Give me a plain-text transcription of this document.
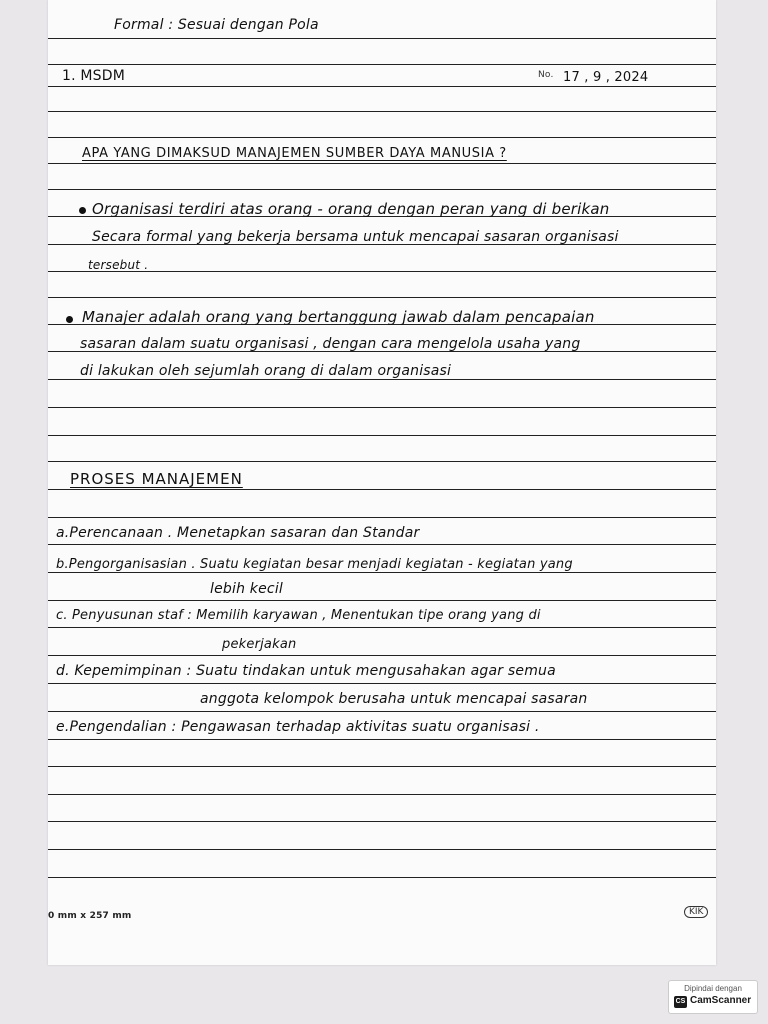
Formal : Sesuai dengan Pola
1. MSDM	No. 17 , 9 , 2024
APA YANG DIMAKSUD MANAJEMEN SUMBER DAYA MANUSIA ?
Organisasi terdiri atas orang - orang dengan peran yang di berikan
Secara formal yang bekerja bersama untuk mencapai sasaran organisasi
tersebut .
Manajer adalah orang yang bertanggung jawab dalam pencapaian
sasaran dalam suatu organisasi , dengan cara mengelola usaha yang
di lakukan oleh sejumlah orang di dalam organisasi
PROSES MANAJEMEN
a.Perencanaan . Menetapkan sasaran dan Standar
b.Pengorganisasian . Suatu kegiatan besar menjadi kegiatan - kegiatan yang
lebih kecil
c. Penyusunan staf : Memilih karyawan , Menentukan tipe orang yang di
pekerjakan
d. Kepemimpinan : Suatu tindakan untuk mengusahakan agar semua
anggota kelompok berusaha untuk mencapai sasaran
e.Pengendalian : Pengawasan terhadap aktivitas suatu organisasi .
0 mm x 257 mm	KIK
Dipindai dengan
CS CamScanner
